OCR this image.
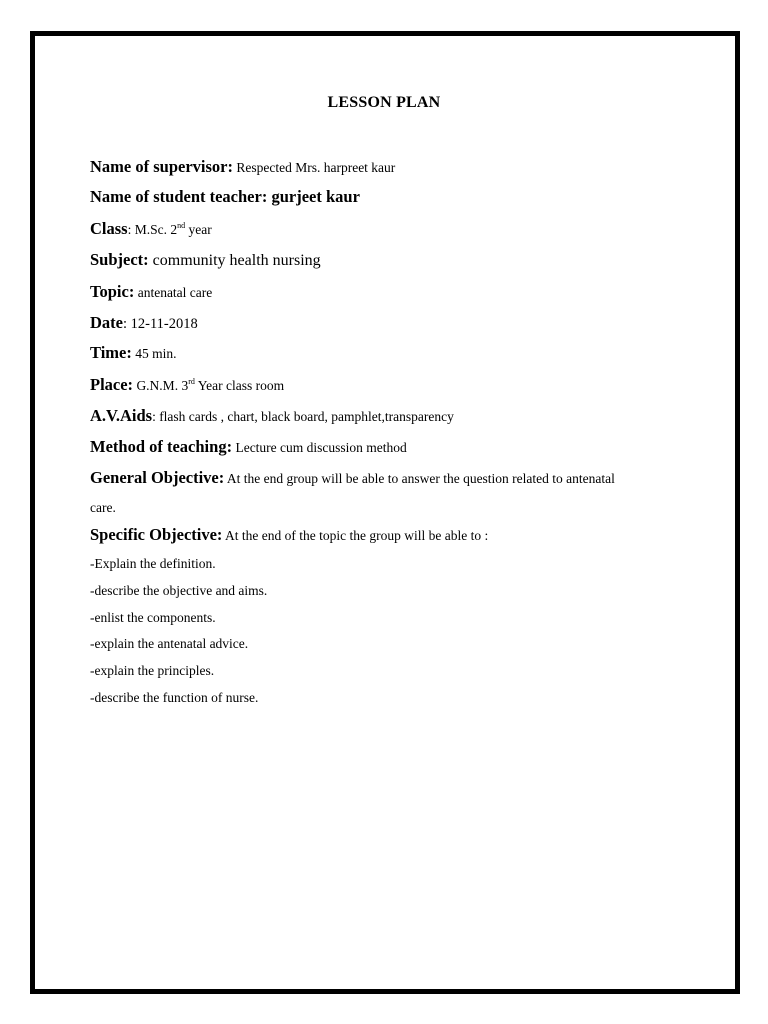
LESSON PLAN
Name of supervisor: Respected Mrs. harpreet kaur
Name of student teacher: gurjeet kaur
Class: M.Sc. 2nd year
Subject: community health nursing
Topic: antenatal care
Date: 12-11-2018
Time: 45 min.
Place: G.N.M. 3rd Year class room
A.V.Aids: flash cards , chart, black board, pamphlet,transparency
Method of teaching: Lecture cum discussion method
General Objective: At the end group will be able to answer the question related to antenatal
care.
Specific Objective: At the end of the topic the group will be able to :
-Explain the definition.
-describe the objective and aims.
-enlist the components.
-explain the antenatal advice.
-explain the principles.
-describe the function of nurse.
